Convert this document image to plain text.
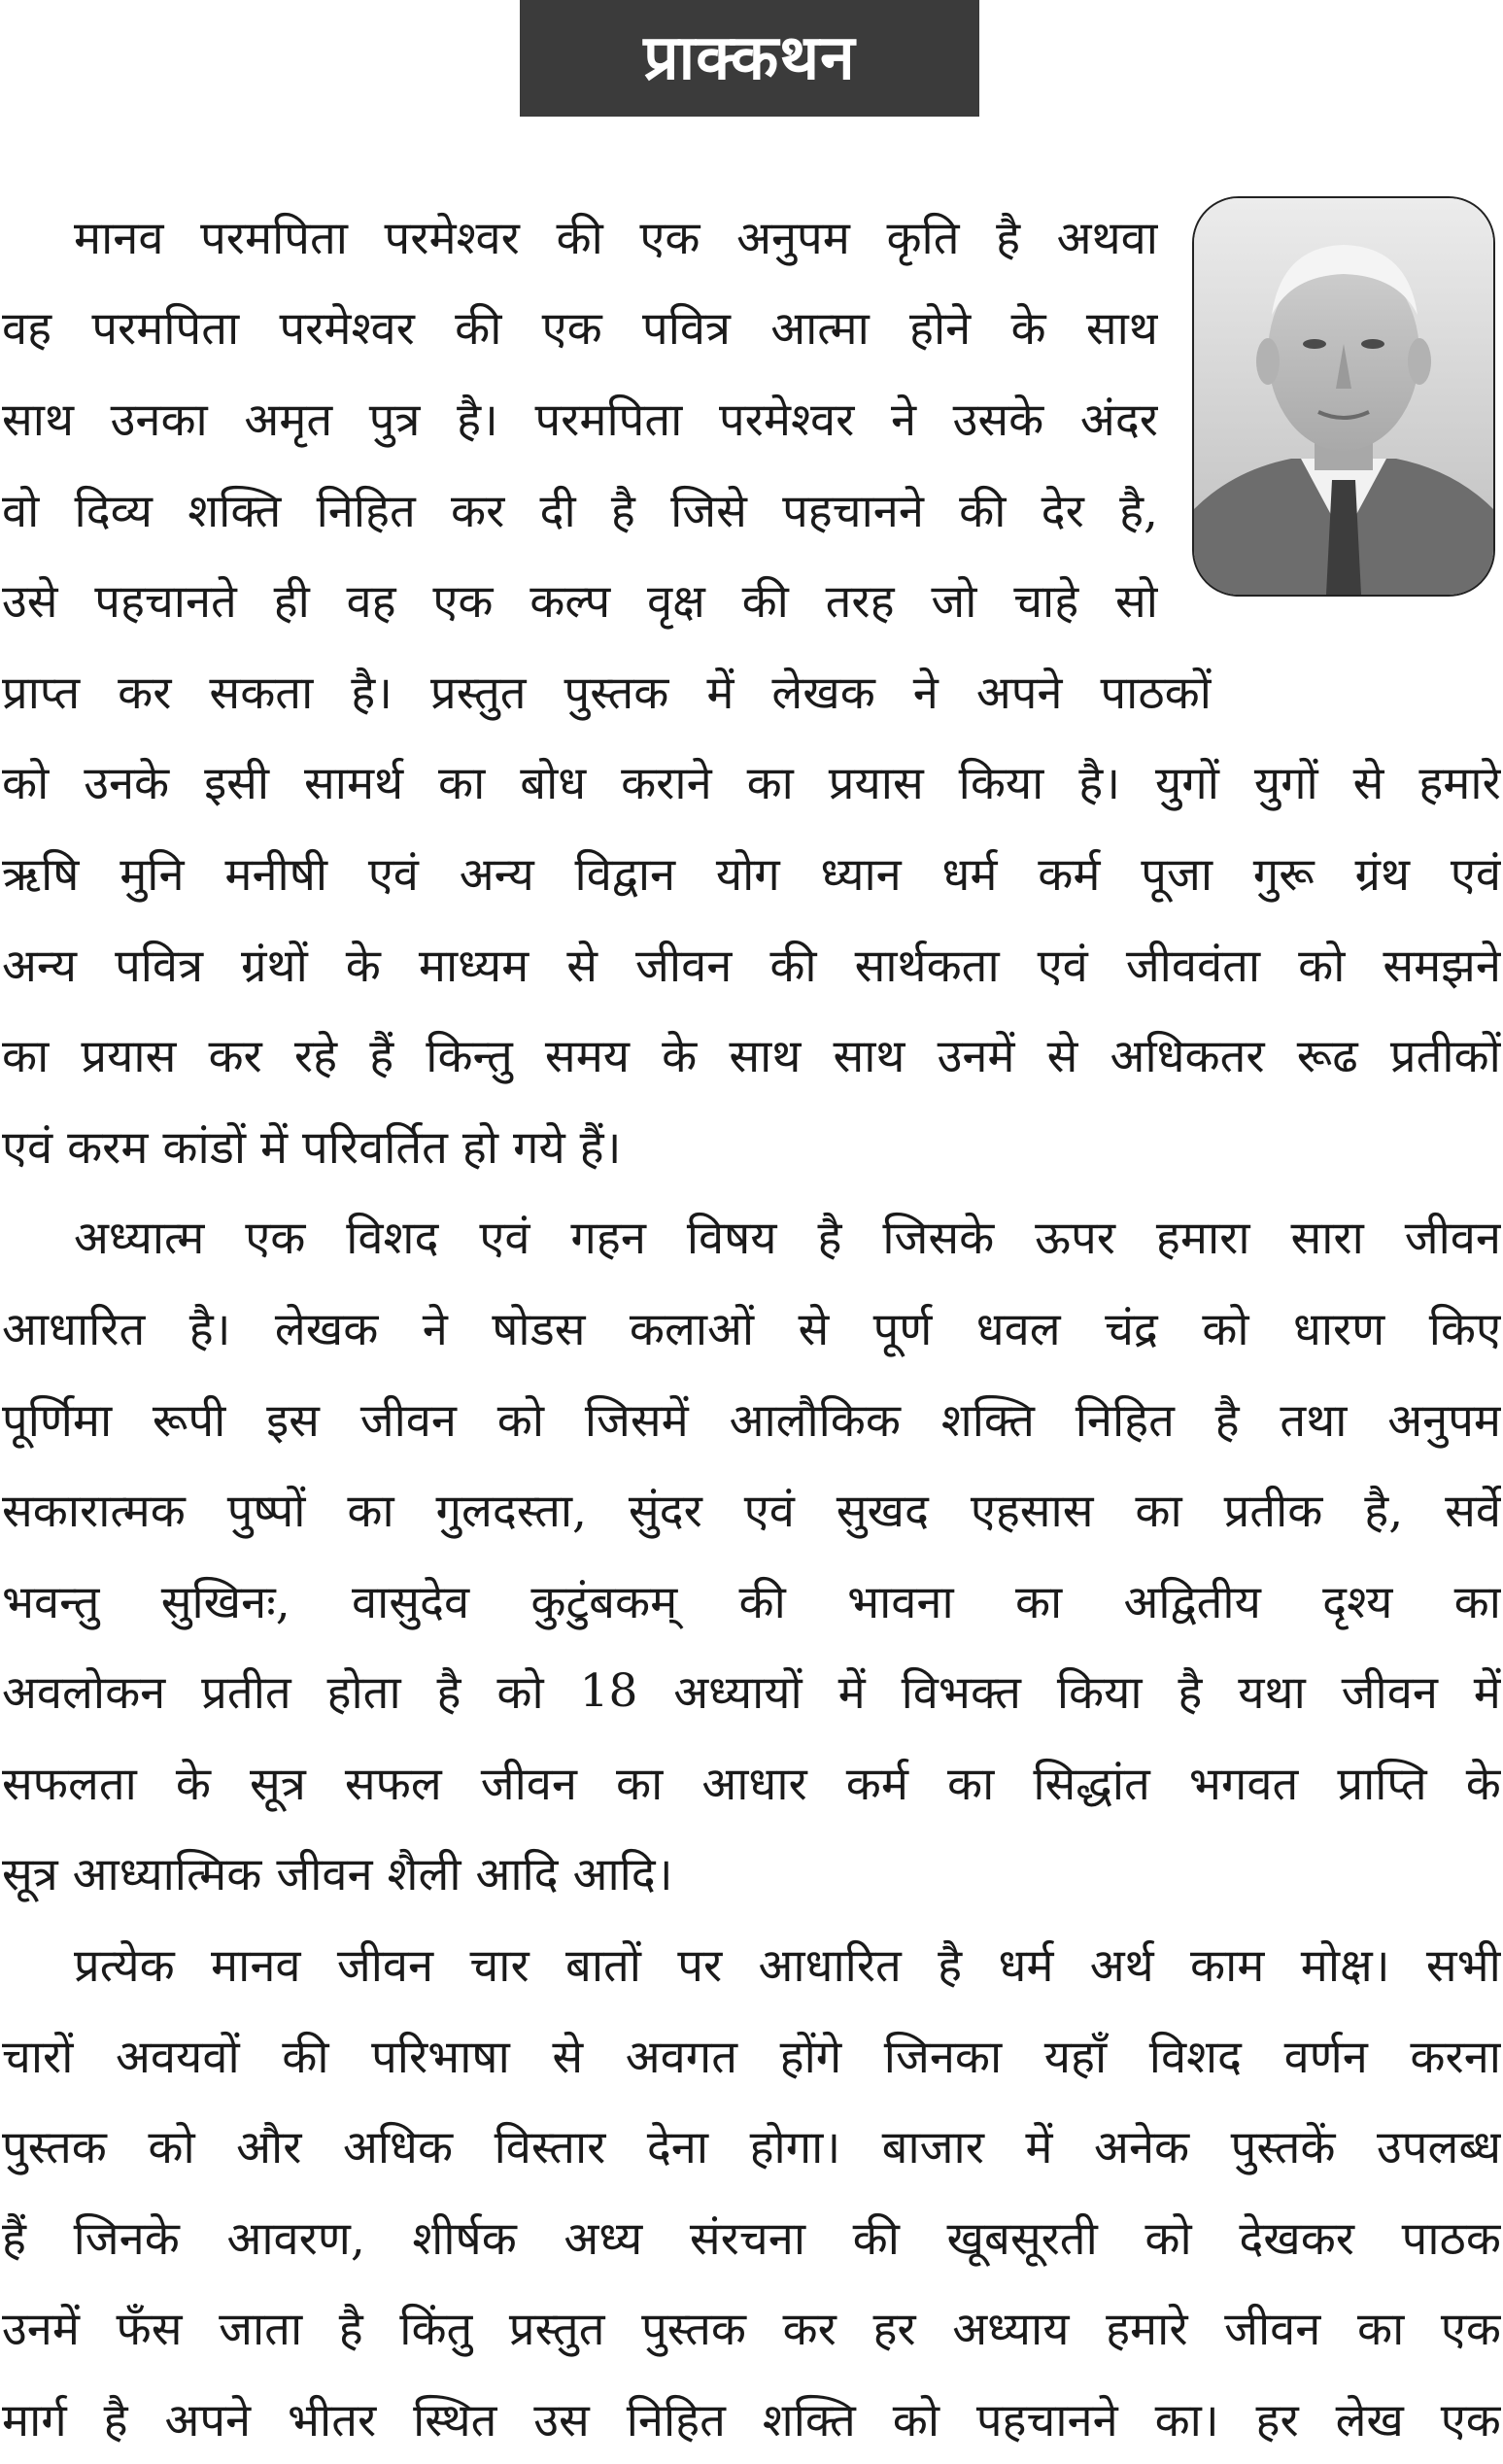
प्राक्कथन
मानव परमपिता परमेश्वर की एक अनुपम कृति है अथवा
वह परमपिता परमेश्वर की एक पवित्र आत्मा होने के साथ
साथ उनका अमृत पुत्र है। परमपिता परमेश्वर ने उसके अंदर
वो दिव्य शक्ति निहित कर दी है जिसे पहचानने की देर है,
उसे पहचानते ही वह एक कल्प वृक्ष की तरह जो चाहे सो
प्राप्त कर सकता है। प्रस्तुत पुस्तक में लेखक ने अपने पाठकों
को उनके इसी सामर्थ का बोध कराने का प्रयास किया है। युगों युगों से हमारे
ऋषि मुनि मनीषी एवं अन्य विद्वान योग ध्यान धर्म कर्म पूजा गुरू ग्रंथ एवं
अन्य पवित्र ग्रंथों के माध्यम से जीवन की सार्थकता एवं जीववंता को समझने
का प्रयास कर रहे हैं किन्तु समय के साथ साथ उनमें से अधिकतर रूढ प्रतीकों
एवं करम कांडों में परिवर्तित हो गये हैं।
अध्यात्म एक विशद एवं गहन विषय है जिसके ऊपर हमारा सारा जीवन
आधारित है। लेखक ने षोडस कलाओं से पूर्ण धवल चंद्र को धारण किए
पूर्णिमा रूपी इस जीवन को जिसमें आलौकिक शक्ति निहित है तथा अनुपम
सकारात्मक पुष्पों का गुलदस्ता, सुंदर एवं सुखद एहसास का प्रतीक है, सर्वे
भवन्तु सुखिनः, वासुदेव कुटुंबकम् की भावना का अद्वितीय दृश्य का
अवलोकन प्रतीत होता है को 18 अध्यायों में विभक्त किया है यथा जीवन में
सफलता के सूत्र सफल जीवन का आधार कर्म का सिद्धांत भगवत प्राप्ति के
सूत्र आध्यात्मिक जीवन शैली आदि आदि।
प्रत्येक मानव जीवन चार बातों पर आधारित है धर्म अर्थ काम मोक्ष। सभी
चारों अवयवों की परिभाषा से अवगत होंगे जिनका यहाँ विशद वर्णन करना
पुस्तक को और अधिक विस्तार देना होगा। बाजार में अनेक पुस्तकें उपलब्ध
हैं जिनके आवरण, शीर्षक अध्य संरचना की खूबसूरती को देखकर पाठक
उनमें फँस जाता है किंतु प्रस्तुत पुस्तक कर हर अध्याय हमारे जीवन का एक
मार्ग है अपने भीतर स्थित उस निहित शक्ति को पहचानने का। हर लेख एक
